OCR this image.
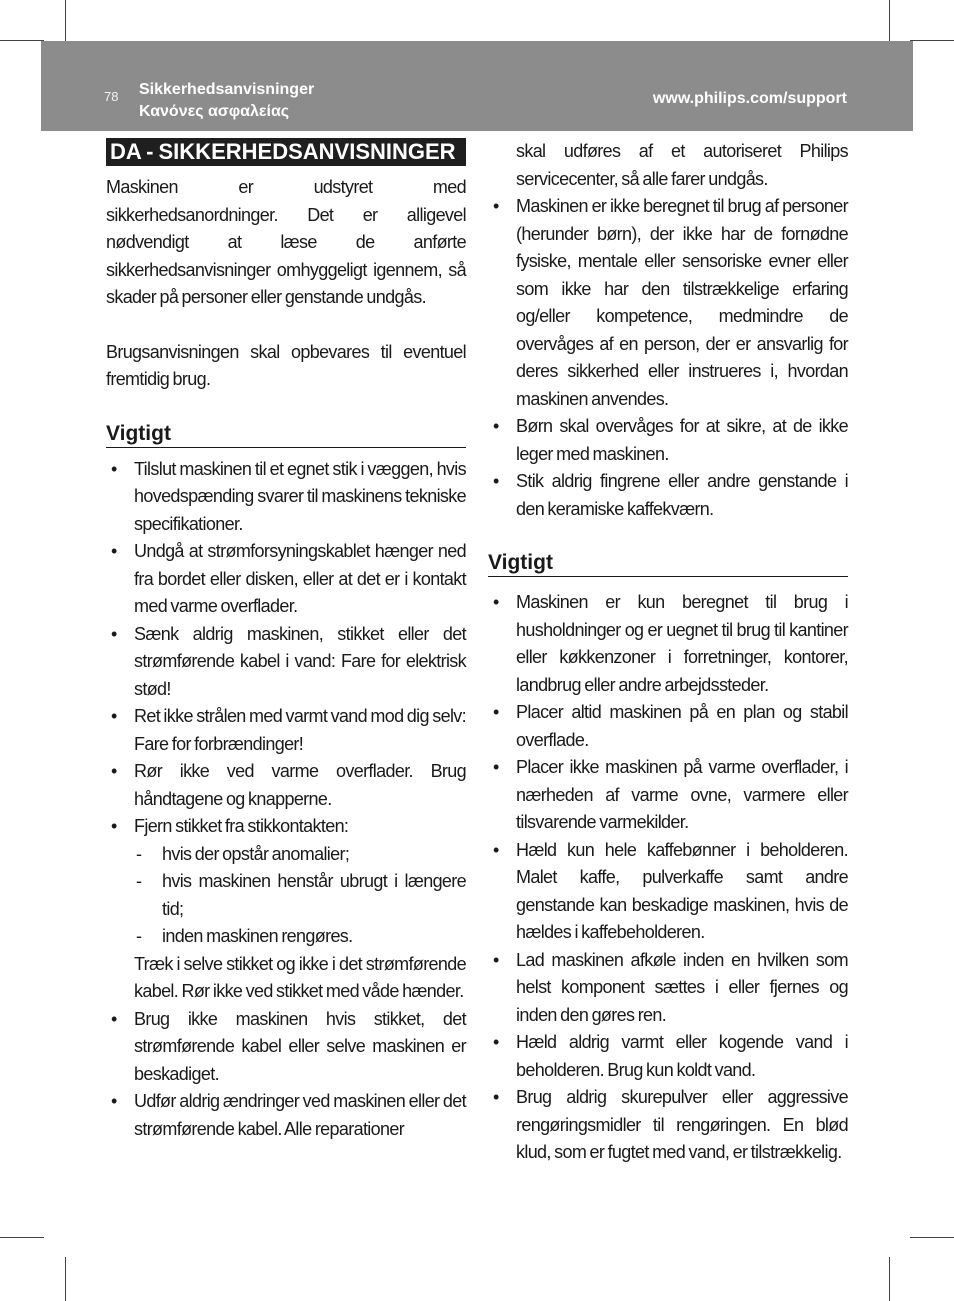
78 Sikkerhedsanvisninger
Κανόνες ασφαλείας
www.philips.com/support
DA - SIKKERHEDSANVISNINGER

Maskinen er udstyret med sikkerhedsanordninger. Det er alligevel nødvendigt at læse de anførte sikkerhedsanvisninger omhyggeligt igennem, så skader på personer eller genstande undgås.

Brugsanvisningen skal opbevares til eventuel fremtidig brug.

Vigtigt
• Tilslut maskinen til et egnet stik i væggen, hvis hovedspænding svarer til maskinens tekniske specifikationer.
• Undgå at strømforsyningskablet hænger ned fra bordet eller disken, eller at det er i kontakt med varme overflader.
• Sænk aldrig maskinen, stikket eller det strømførende kabel i vand: Fare for elektrisk stød!
• Ret ikke strålen med varmt vand mod dig selv: Fare for forbrændinger!
• Rør ikke ved varme overflader. Brug håndtagene og knapperne.
• Fjern stikket fra stikkontakten:
- hvis der opstår anomalier;
- hvis maskinen henstår ubrugt i længere tid;
- inden maskinen rengøres.
Træk i selve stikket og ikke i det strømførende kabel. Rør ikke ved stikket med våde hænder.
• Brug ikke maskinen hvis stikket, det strømførende kabel eller selve maskinen er beskadiget.
• Udfør aldrig ændringer ved maskinen eller det strømførende kabel. Alle reparationer
skal udføres af et autoriseret Philips servicecenter, så alle farer undgås.
• Maskinen er ikke beregnet til brug af personer (herunder børn), der ikke har de fornødne fysiske, mentale eller sensoriske evner eller som ikke har den tilstrækkelige erfaring og/eller kompetence, medmindre de overvåges af en person, der er ansvarlig for deres sikkerhed eller instrueres i, hvordan maskinen anvendes.
• Børn skal overvåges for at sikre, at de ikke leger med maskinen.
• Stik aldrig fingrene eller andre genstande i den keramiske kaffekværn.
Vigtigt
• Maskinen er kun beregnet til brug i husholdninger og er uegnet til brug til kantiner eller køkkenzoner i forretninger, kontorer, landbrug eller andre arbejdssteder.
• Placer altid maskinen på en plan og stabil overflade.
• Placer ikke maskinen på varme overflader, i nærheden af varme ovne, varmere eller tilsvarende varmekilder.
• Hæld kun hele kaffebønner i beholderen. Malet kaffe, pulverkaffe samt andre genstande kan beskadige maskinen, hvis de hældes i kaffebeholderen.
• Lad maskinen afkøle inden en hvilken som helst komponent sættes i eller fjernes og inden den gøres ren.
• Hæld aldrig varmt eller kogende vand i beholderen. Brug kun koldt vand.
• Brug aldrig skurepulver eller aggressive rengøringsmidler til rengøringen. En blød klud, som er fugtet med vand, er tilstrækkelig.
